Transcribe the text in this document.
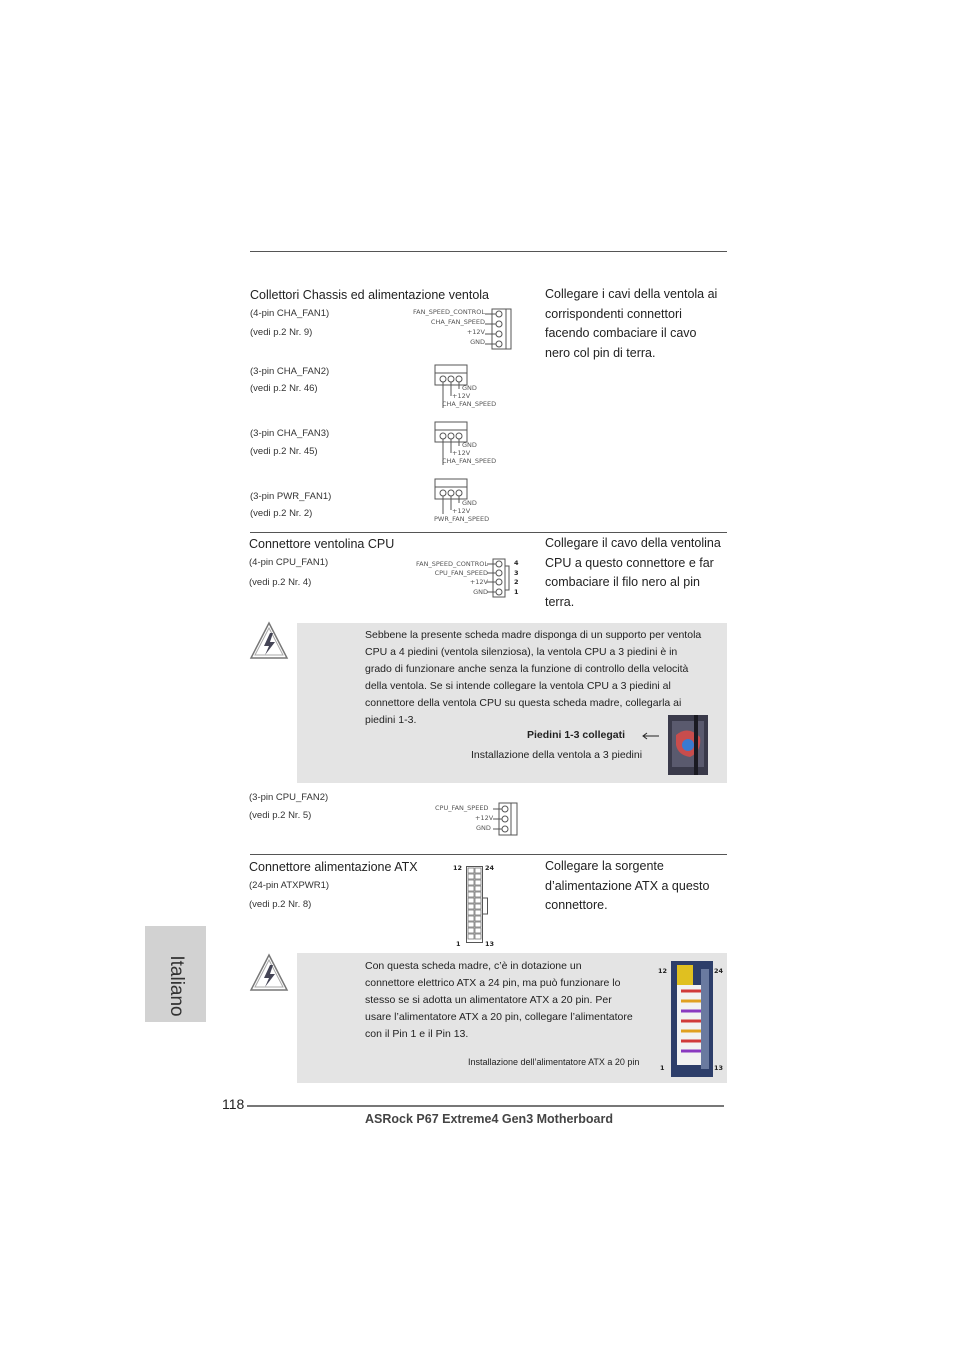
Collettori Chassis ed alimentazione ventola	Collegare i cavi della ventola ai
corrispondenti connettori
facendo combaciare il cavo
nero col pin di terra.
(4-pin CHA_FAN1)
(vedi p.2 Nr. 9)
FAN_SPEED_CONTROL
CHA_FAN_SPEED
+12V
GND
(3-pin CHA_FAN2)
(vedi p.2 Nr. 46)	GND
+12V
CHA_FAN_SPEED
(3-pin CHA_FAN3)
(vedi p.2 Nr. 45)
GND
+12V
CHA_FAN_SPEED
(3-pin PWR_FAN1)
(vedi p.2 Nr. 2)
GND
+12V
PWR_FAN_SPEED
Connettore ventolina CPU	Collegare il cavo della ventolina
CPU a questo connettore e far
combaciare il filo nero al pin
terra.
(4-pin CPU_FAN1)
(vedi p.2 Nr. 4)
FAN_SPEED_CONTROL
CPU_FAN_SPEED
+12V
GND
4
3
2
1
Sebbene la presente scheda madre disponga di un supporto per ventola
CPU a 4 piedini (ventola silenziosa), la ventola CPU a 3 piedini è in
grado di funzionare anche senza la funzione di controllo della velocità
della ventola. Se si intende collegare la ventola CPU a 3 piedini al
connettore della ventola CPU su questa scheda madre, collegarla ai
piedini 1-3.
Piedini 1-3 collegati
Installazione della ventola a 3 piedini
(3-pin CPU_FAN2)
(vedi p.2 Nr. 5)
CPU_FAN_SPEED
+12V
GND
Connettore alimentazione ATX	Collegare la sorgente
d’alimentazione ATX a questo
connettore.
(24-pin ATXPWR1)
(vedi p.2 Nr. 8)
12	24
1	13
Con questa scheda madre, c’è in dotazione un
connettore elettrico ATX a 24 pin, ma può funzionare lo
stesso se si adotta un alimentatore ATX a 20 pin. Per
usare l’alimentatore ATX a 20 pin, collegare l’alimentatore
con il Pin 1 e il Pin 13.
Installazione dell’alimentatore ATX a 20 pin
12	24
1	13
Italiano
118
ASRock P67 Extreme4 Gen3 Motherboard
